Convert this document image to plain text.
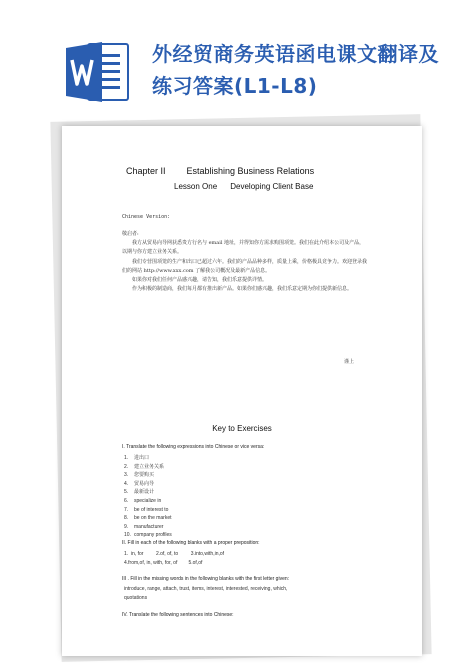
外经贸商务英语函电课文翻译及练习答案(L1-L8)
Chapter II Establishing Business Relations
Lesson One Developing Client Base
Chinese Version:

敬启者:

我方从贸易向导网获悉贵方行名与 email 地址，并得知你方需求购围项笼。我们在此介绍本公司及产品，以期与你方建立业务关系。

我们专营围项笼的生产和出口已超过六年。我们的产品品种多样，质量上乘，价格极具竞争力。欢迎登录我们的网站 http://www.xxx.com 了解我公司概况及最新产品信息。

如果你对我们任何产品感兴趣，请告知，我们乐意提供详情。

作为积极的制造商，我们每月都有推出新产品。如果你们感兴趣，我们乐意定期为你们提供新信息。

谨上
Key to Exercises
I. Translate the following expressions into Chinese or vice versa:
1. 进出口
2. 建立业务关系
3. 您要购买
4. 贸易向导
5. 最新设计
6. specialize in
7. be of interest to
8. be on the market
9. manufacturer
10. company profiles
II. Fill in each of the following blanks with a proper preposition:
1.  in, for         2.of, of, to         3.into,with,in,of
4.from,of, in, with, for, of        5.of,of
III . Fill in the missing words in the following blanks with the first letter given:
introduce, range, attach, trust, items, interest, interested, receiving, which,
quotations
IV. Translate the following sentences into Chinese:
